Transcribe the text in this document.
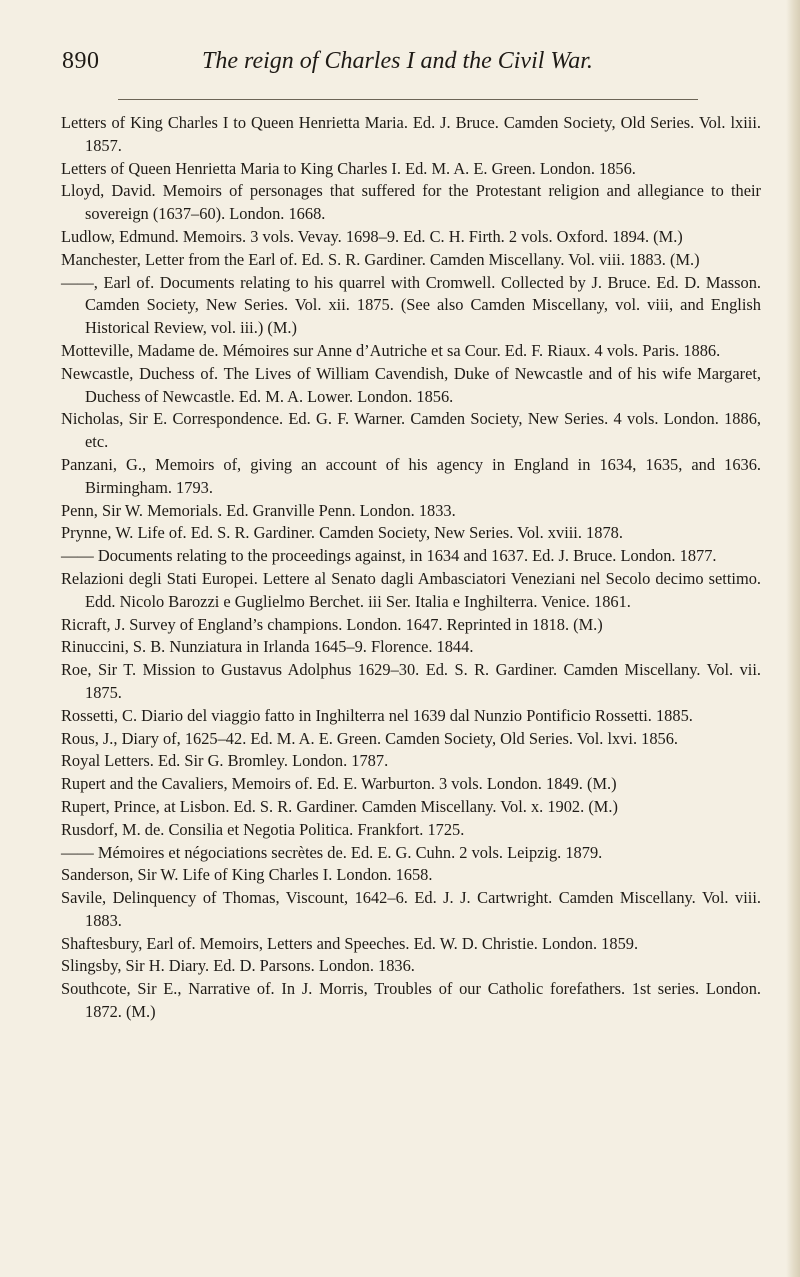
890	The reign of Charles I and the Civil War.

Letters of King Charles I to Queen Henrietta Maria. Ed. J. Bruce. Camden Society, Old Series. Vol. lxiii. 1857.

Letters of Queen Henrietta Maria to King Charles I. Ed. M. A. E. Green. London. 1856.

Lloyd, David. Memoirs of personages that suffered for the Protestant religion and allegiance to their sovereign (1637–60). London. 1668.

Ludlow, Edmund. Memoirs. 3 vols. Vevay. 1698–9. Ed. C. H. Firth. 2 vols. Oxford. 1894. (M.)

Manchester, Letter from the Earl of. Ed. S. R. Gardiner. Camden Miscellany. Vol. viii. 1883. (M.)

——, Earl of. Documents relating to his quarrel with Cromwell. Collected by J. Bruce. Ed. D. Masson. Camden Society, New Series. Vol. xii. 1875. (See also Camden Miscellany, vol. viii, and English Historical Review, vol. iii.) (M.)

Motteville, Madame de. Mémoires sur Anne d’Autriche et sa Cour. Ed. F. Riaux. 4 vols. Paris. 1886.

Newcastle, Duchess of. The Lives of William Cavendish, Duke of Newcastle and of his wife Margaret, Duchess of Newcastle. Ed. M. A. Lower. London. 1856.

Nicholas, Sir E. Correspondence. Ed. G. F. Warner. Camden Society, New Series. 4 vols. London. 1886, etc.

Panzani, G., Memoirs of, giving an account of his agency in England in 1634, 1635, and 1636. Birmingham. 1793.

Penn, Sir W. Memorials. Ed. Granville Penn. London. 1833.

Prynne, W. Life of. Ed. S. R. Gardiner. Camden Society, New Series. Vol. xviii. 1878.

—— Documents relating to the proceedings against, in 1634 and 1637. Ed. J. Bruce. London. 1877.

Relazioni degli Stati Europei. Lettere al Senato dagli Ambasciatori Veneziani nel Secolo decimo settimo. Edd. Nicolo Barozzi e Guglielmo Berchet. iii Ser. Italia e Inghilterra. Venice. 1861.

Ricraft, J. Survey of England’s champions. London. 1647. Reprinted in 1818. (M.)

Rinuccini, S. B. Nunziatura in Irlanda 1645–9. Florence. 1844.

Roe, Sir T. Mission to Gustavus Adolphus 1629–30. Ed. S. R. Gardiner. Camden Miscellany. Vol. vii. 1875.

Rossetti, C. Diario del viaggio fatto in Inghilterra nel 1639 dal Nunzio Pontificio Rossetti. 1885.

Rous, J., Diary of, 1625–42. Ed. M. A. E. Green. Camden Society, Old Series. Vol. lxvi. 1856.

Royal Letters. Ed. Sir G. Bromley. London. 1787.

Rupert and the Cavaliers, Memoirs of. Ed. E. Warburton. 3 vols. London. 1849. (M.)

Rupert, Prince, at Lisbon. Ed. S. R. Gardiner. Camden Miscellany. Vol. x. 1902. (M.)

Rusdorf, M. de. Consilia et Negotia Politica. Frankfort. 1725.

—— Mémoires et négociations secrètes de. Ed. E. G. Cuhn. 2 vols. Leipzig. 1879.

Sanderson, Sir W. Life of King Charles I. London. 1658.

Savile, Delinquency of Thomas, Viscount, 1642–6. Ed. J. J. Cartwright. Camden Miscellany. Vol. viii. 1883.

Shaftesbury, Earl of. Memoirs, Letters and Speeches. Ed. W. D. Christie. London. 1859.

Slingsby, Sir H. Diary. Ed. D. Parsons. London. 1836.

Southcote, Sir E., Narrative of. In J. Morris, Troubles of our Catholic forefathers. 1st series. London. 1872. (M.)
